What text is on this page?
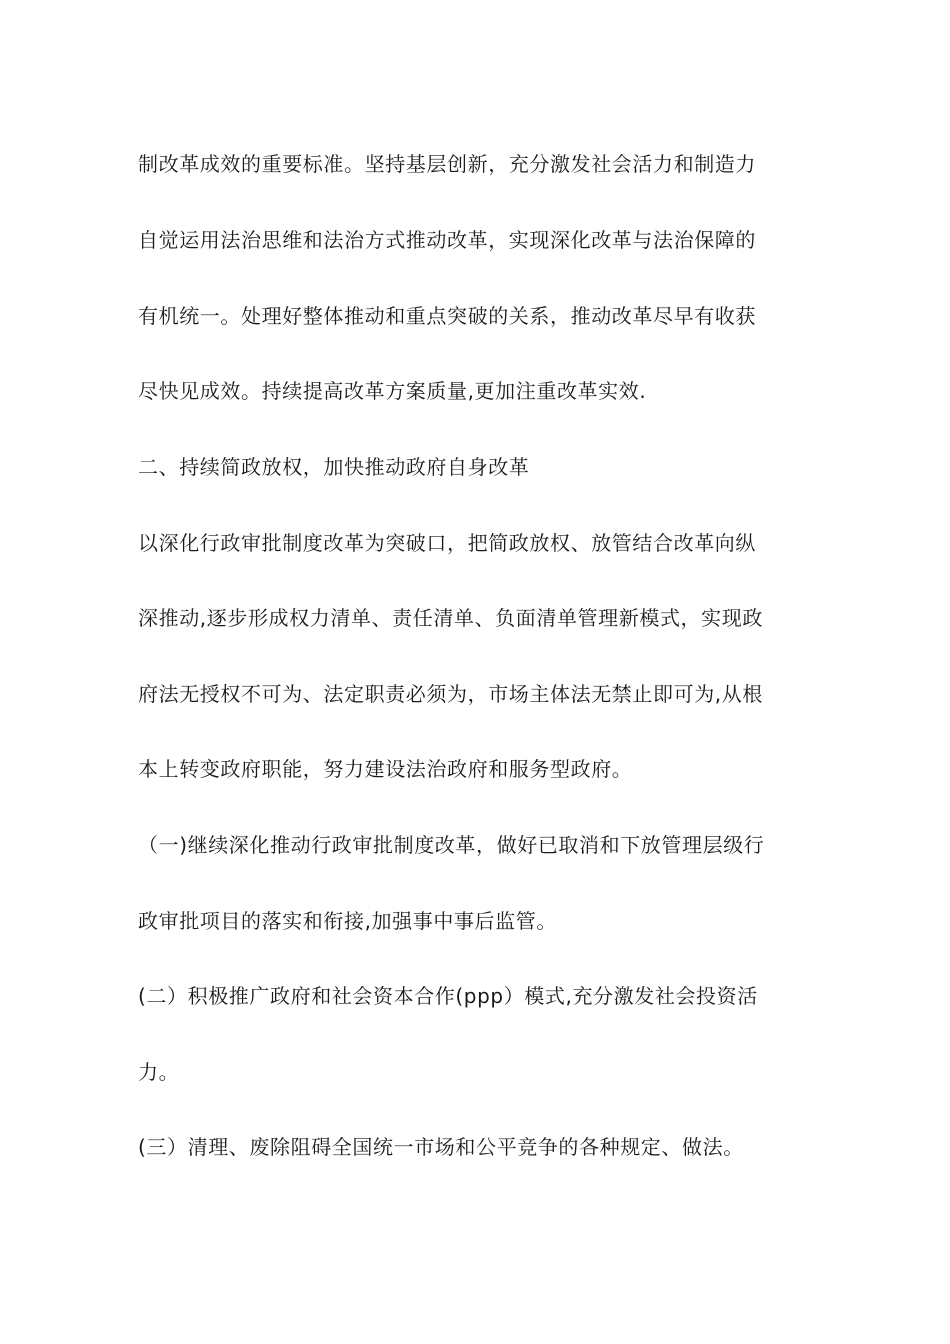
制改革成效的重要标准。坚持基层创新，充分激发社会活力和制造力
自觉运用法治思维和法治方式推动改革，实现深化改革与法治保障的
有机统一。处理好整体推动和重点突破的关系，推动改革尽早有收获
尽快见成效。持续提高改革方案质量,更加注重改革实效.
二、持续简政放权，加快推动政府自身改革
以深化行政审批制度改革为突破口，把简政放权、放管结合改革向纵
深推动,逐步形成权力清单、责任清单、负面清单管理新模式，实现政
府法无授权不可为、法定职责必须为，市场主体法无禁止即可为,从根
本上转变政府职能，努力建设法治政府和服务型政府。
（一)继续深化推动行政审批制度改革，做好已取消和下放管理层级行
政审批项目的落实和衔接,加强事中事后监管。
(二）积极推广政府和社会资本合作(ppp）模式,充分激发社会投资活
力。
(三）清理、废除阻碍全国统一市场和公平竞争的各种规定、做法。
